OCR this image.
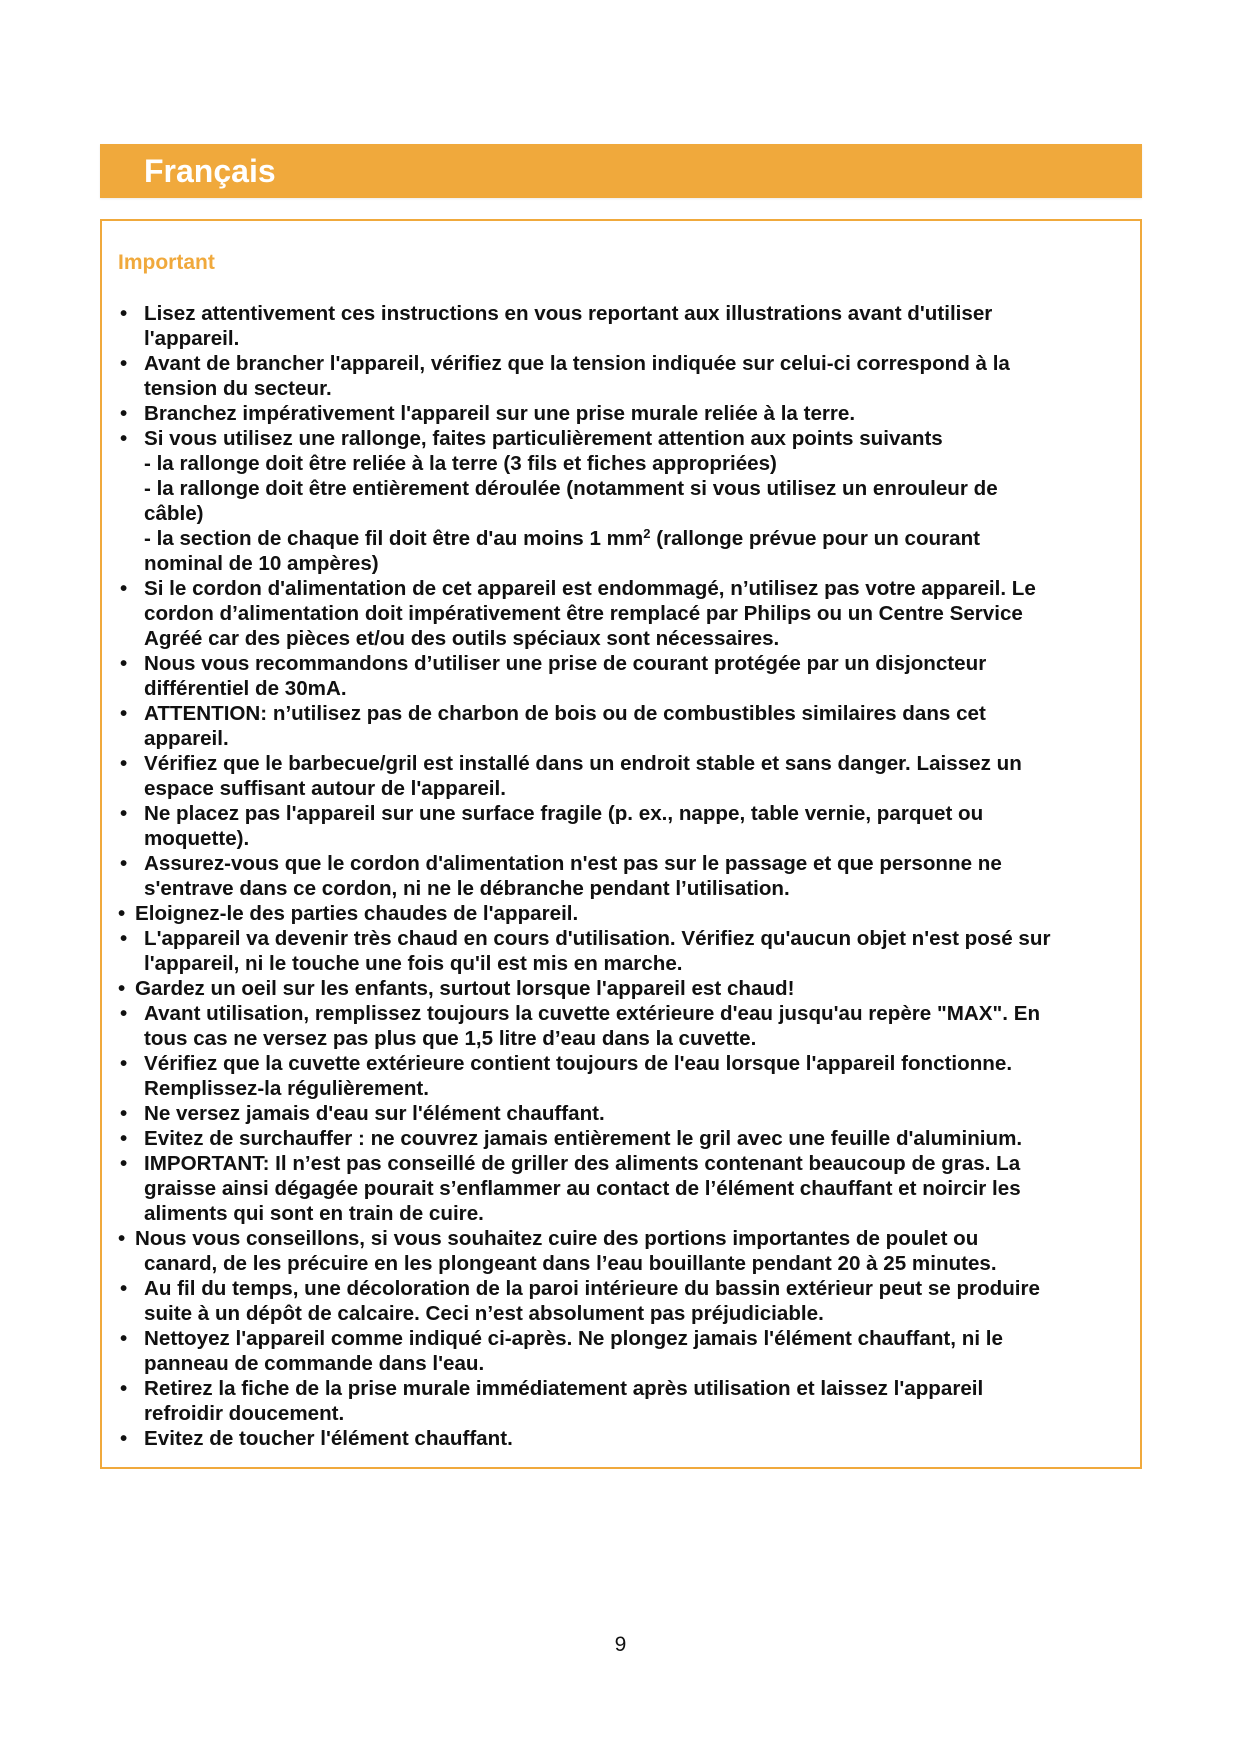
Français
Important
• Lisez attentivement ces instructions en vous reportant aux illustrations avant d'utiliser
l'appareil.
• Avant de brancher l'appareil, vérifiez que la tension indiquée sur celui-ci correspond à la
tension du secteur.
• Branchez impérativement l'appareil sur une prise murale reliée à la terre.
• Si vous utilisez une rallonge, faites particulièrement attention aux points suivants
- la rallonge doit être reliée à la terre (3 fils et fiches appropriées)
- la rallonge doit être entièrement déroulée (notamment si vous utilisez un enrouleur de
câble)
- la section de chaque fil doit être d'au moins 1 $mm^2$ (rallonge prévue pour un courant
nominal de 10 ampères)
• Si le cordon d'alimentation de cet appareil est endommagé, n’utilisez pas votre appareil. Le
cordon d’alimentation doit impérativement être remplacé par Philips ou un Centre Service
Agréé car des pièces et/ou des outils spéciaux sont nécessaires.
• Nous vous recommandons d’utiliser une prise de courant protégée par un disjoncteur
différentiel de 30mA.
• ATTENTION: n’utilisez pas de charbon de bois ou de combustibles similaires dans cet
appareil.
• Vérifiez que le barbecue/gril est installé dans un endroit stable et sans danger. Laissez un
espace suffisant autour de l'appareil.
• Ne placez pas l'appareil sur une surface fragile (p. ex., nappe, table vernie, parquet ou
moquette).
• Assurez-vous que le cordon d'alimentation n'est pas sur le passage et que personne ne
s'entrave dans ce cordon, ni ne le débranche pendant l’utilisation.
• Eloignez-le des parties chaudes de l'appareil.
• L'appareil va devenir très chaud en cours d'utilisation. Vérifiez qu'aucun objet n'est posé sur
l'appareil, ni le touche une fois qu'il est mis en marche.
• Gardez un oeil sur les enfants, surtout lorsque l'appareil est chaud!
• Avant utilisation, remplissez toujours la cuvette extérieure d'eau jusqu'au repère "MAX". En
tous cas ne versez pas plus que 1,5 litre d’eau dans la cuvette.
• Vérifiez que la cuvette extérieure contient toujours de l'eau lorsque l'appareil fonctionne.
Remplissez-la régulièrement.
• Ne versez jamais d'eau sur l'élément chauffant.
• Evitez de surchauffer : ne couvrez jamais entièrement le gril avec une feuille d'aluminium.
• IMPORTANT: Il n’est pas conseillé de griller des aliments contenant beaucoup de gras. La
graisse ainsi dégagée pourait s’enflammer au contact de l’élément chauffant et noircir les
aliments qui sont en train de cuire.
• Nous vous conseillons, si vous souhaitez cuire des portions importantes de poulet ou
canard, de les précuire en les plongeant dans l’eau bouillante pendant 20 à 25 minutes.
• Au fil du temps, une décoloration de la paroi intérieure du bassin extérieur peut se produire
suite à un dépôt de calcaire. Ceci n’est absolument pas préjudiciable.
• Nettoyez l'appareil comme indiqué ci-après. Ne plongez jamais l'élément chauffant, ni le
panneau de commande dans l'eau.
• Retirez la fiche de la prise murale immédiatement après utilisation et laissez l'appareil
refroidir doucement.
• Evitez de toucher l'élément chauffant.
9
